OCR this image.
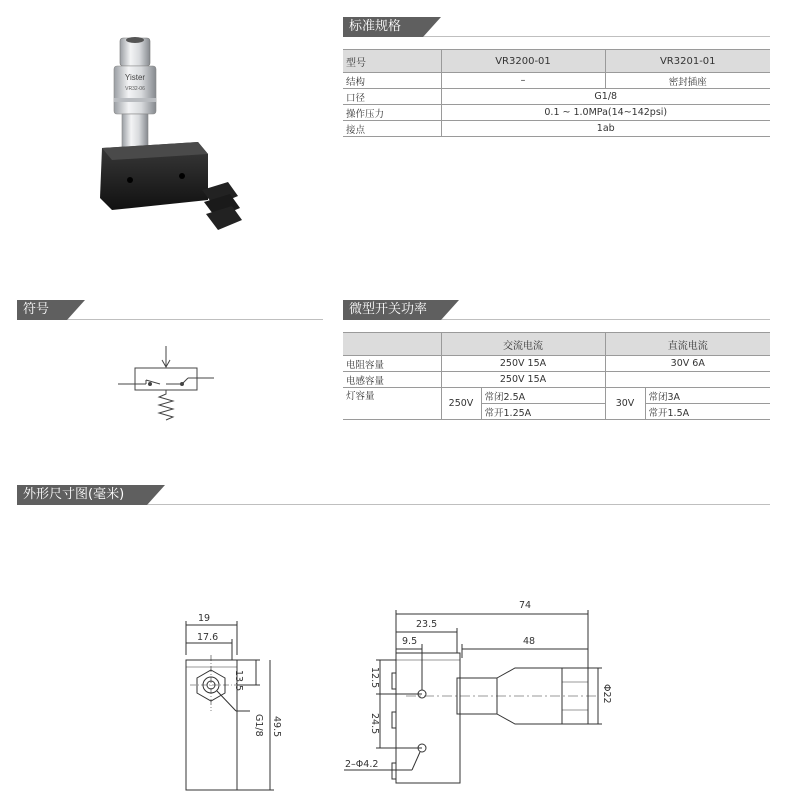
Yister
VR32-06
标准规格
型号	VR3200-01	VR3201-01
结构	–	密封插座
口径	G1/8	
操作压力	0.1 ~ 1.0MPa(14~142psi)	
接点	1ab	
符号	微型开关功率
	交流电流		直流电流	
电阻容量	250V 15A		30V 6A	
电感容量	250V 15A			
灯容量	250V	常闭2.5A	30V	常闭3A
		常开1.25A		常开1.5A
外形尺寸图(毫米)
19
17.6
13.5
49.5
G1/8
74
23.5
9.5	48
12.5
24.5
Φ22
2–Φ4.2
